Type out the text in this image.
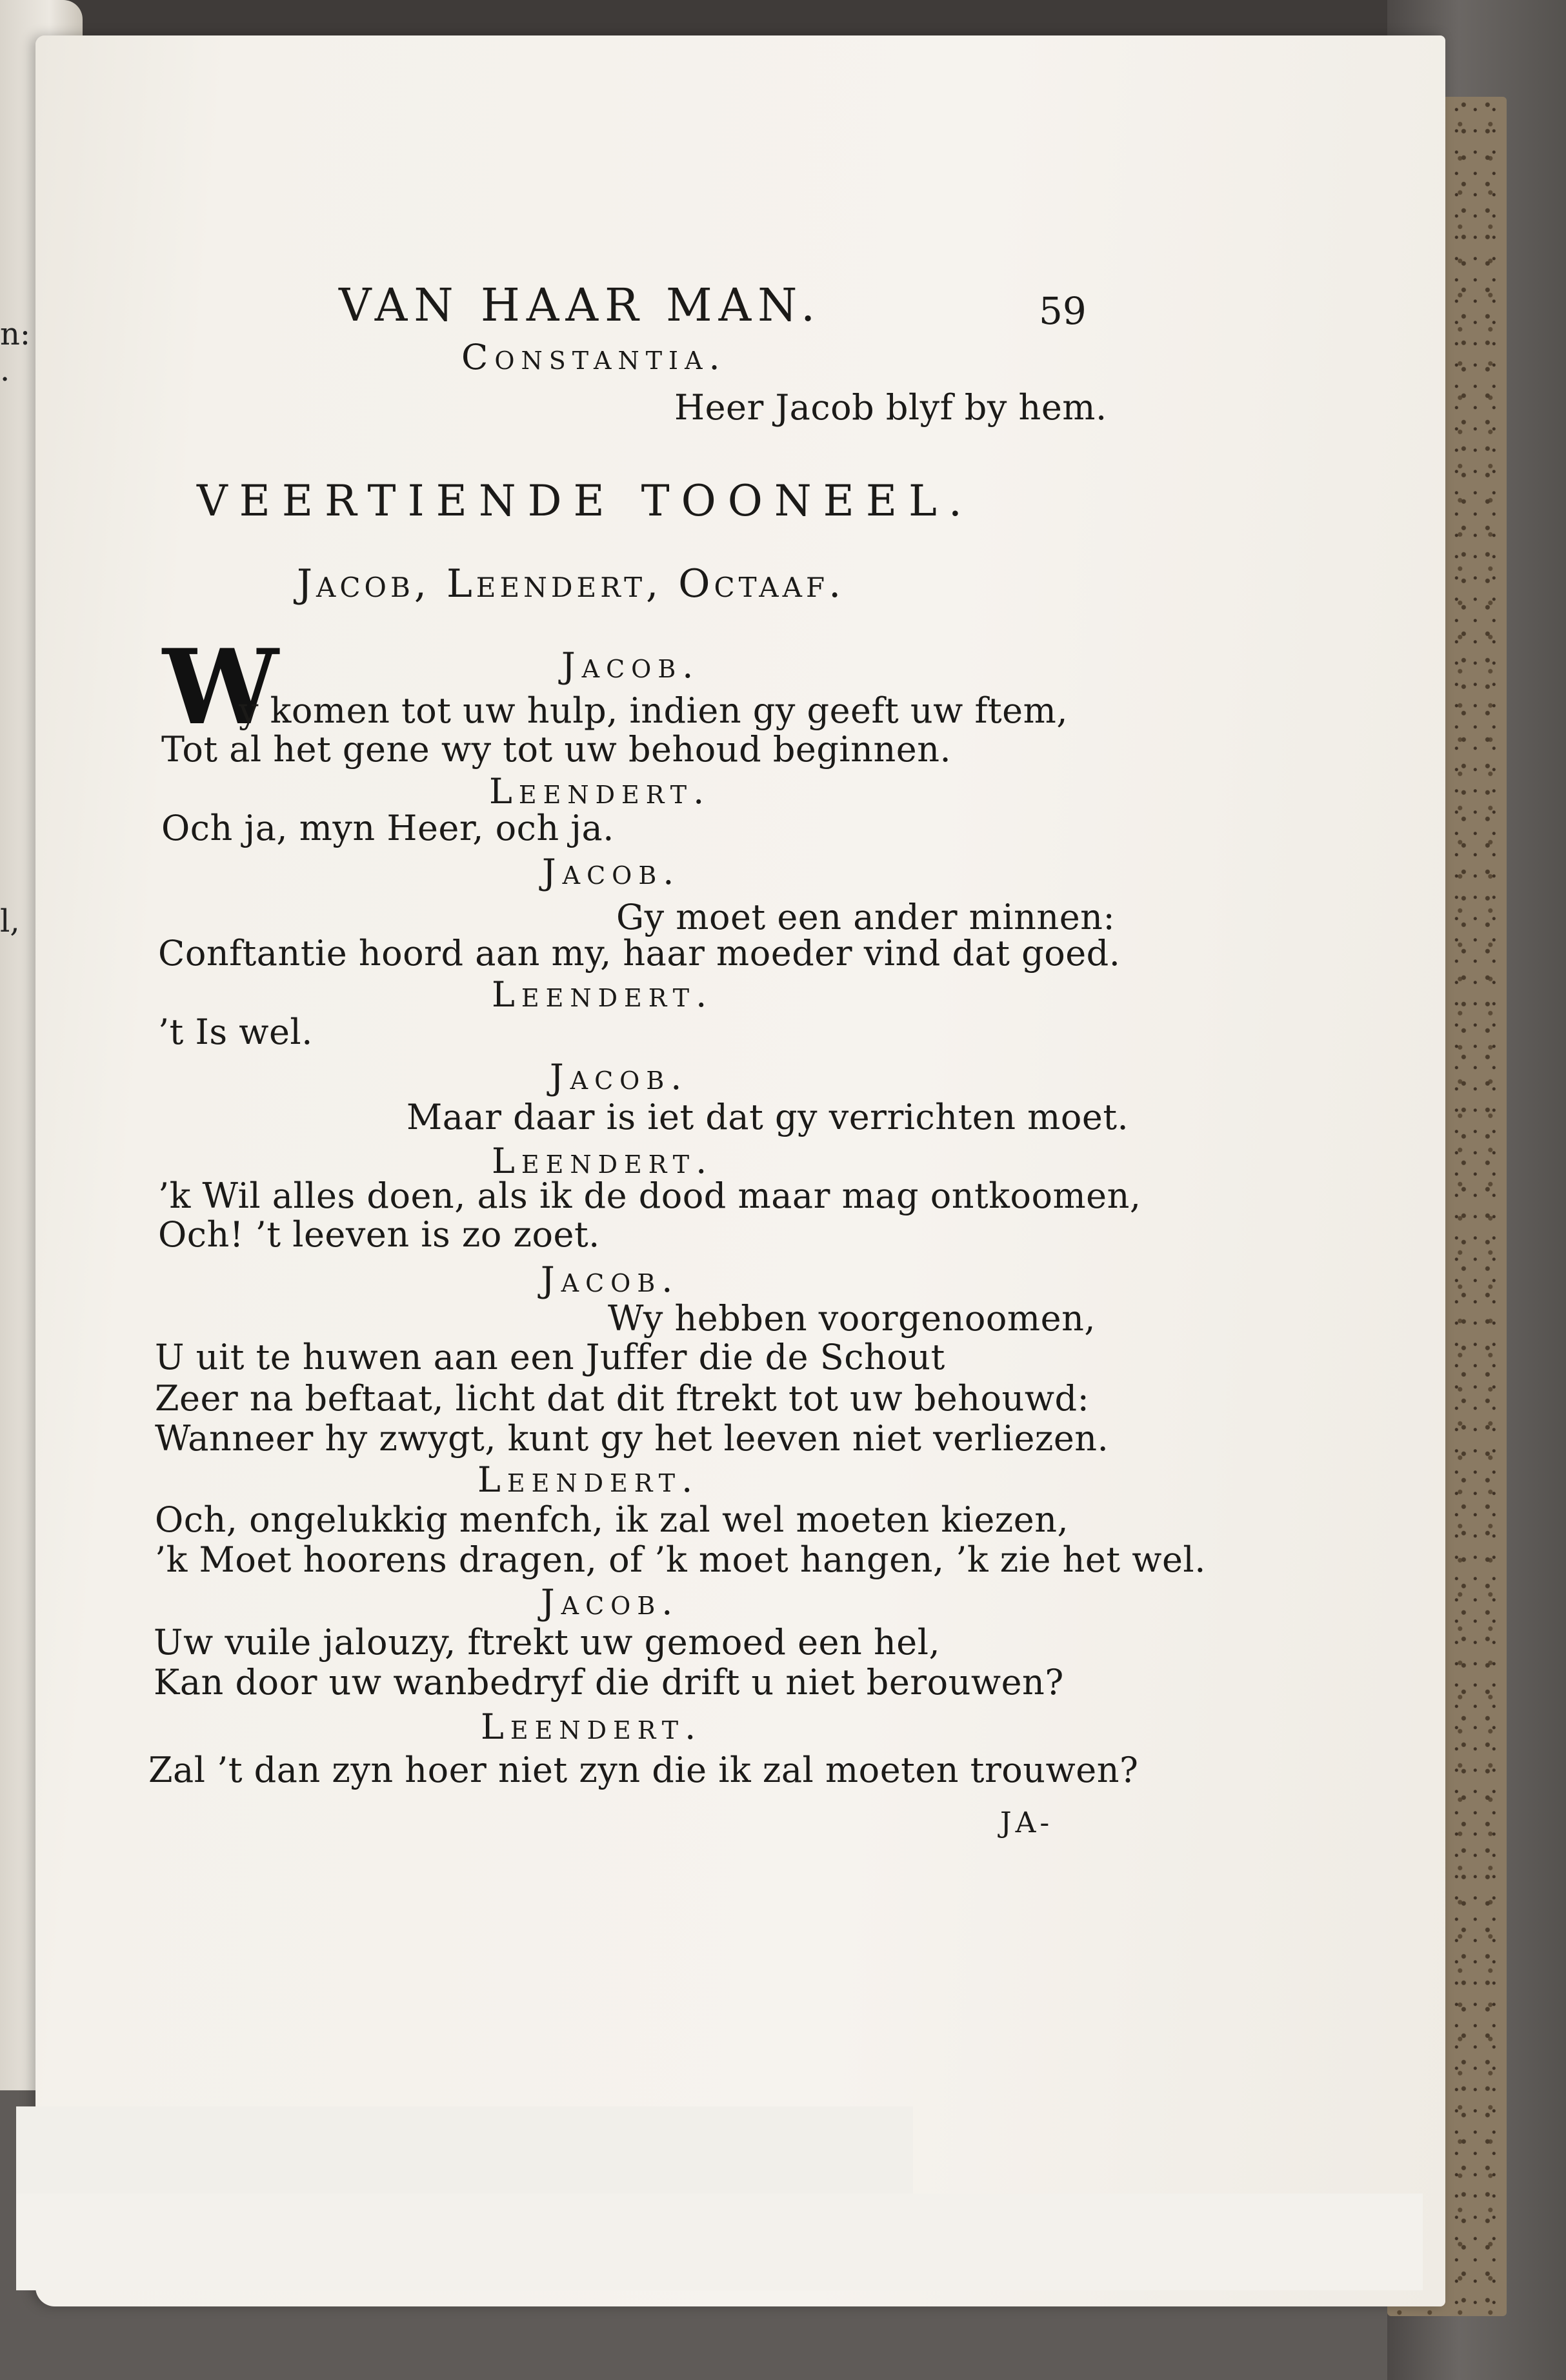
n:
·
l,
VAN HAAR MAN.	59
Constantia.
Heer Jacob blyf by hem.
VEERTIENDE TOONEEL.
Jacob, Leendert, Octaaf.
Jacob.
W
y komen tot uw hulp, indien gy geeft uw ftem,
Tot al het gene wy tot uw behoud beginnen.
Leendert.
Och ja, myn Heer, och ja.
Jacob.
Gy moet een ander minnen:
Conftantie hoord aan my, haar moeder vind dat goed.
Leendert.
’t Is wel.
Jacob.
Maar daar is iet dat gy verrichten moet.
Leendert.
’k Wil alles doen, als ik de dood maar mag ontkoomen,
Och! ’t leeven is zo zoet.
Jacob.
Wy hebben voorgenoomen,
U uit te huwen aan een Juffer die de Schout
Zeer na beftaat, licht dat dit ftrekt tot uw behouwd:
Wanneer hy zwygt, kunt gy het leeven niet verliezen.
Leendert.
Och, ongelukkig menfch, ik zal wel moeten kiezen,
’k Moet hoorens dragen, of ’k moet hangen, ’k zie het wel.
Jacob.
Uw vuile jalouzy, ftrekt uw gemoed een hel,
Kan door uw wanbedryf die drift u niet berouwen?
Leendert.
Zal ’t dan zyn hoer niet zyn die ik zal moeten trouwen?
JA-
